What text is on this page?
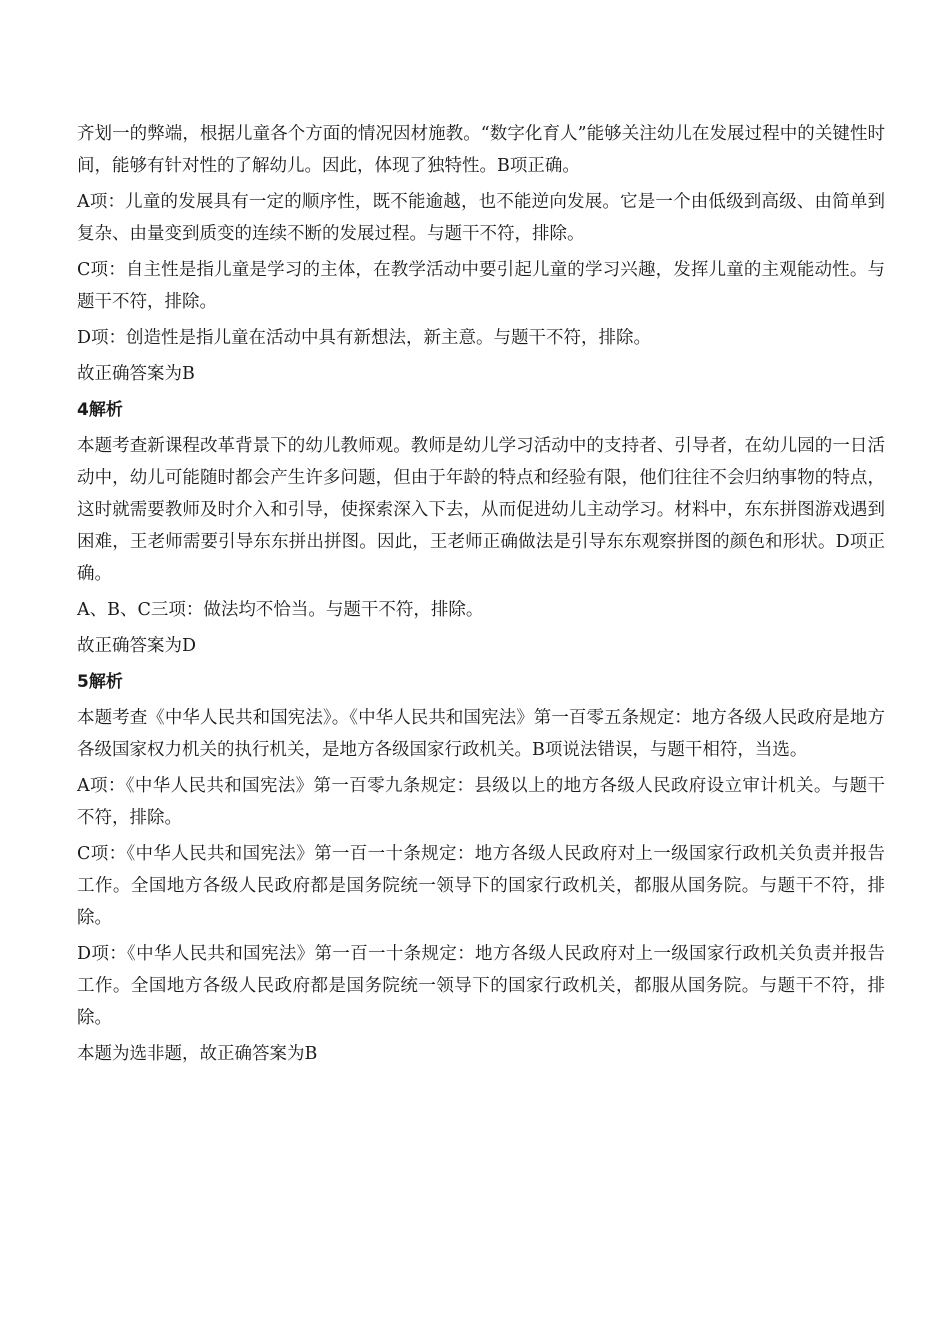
齐划一的弊端，根据儿童各个方面的情况因材施教。“数字化育人”能够关注幼儿在发展过程中的关键性时间，能够有针对性的了解幼儿。因此，体现了独特性。B项正确。

A项：儿童的发展具有一定的顺序性，既不能逾越，也不能逆向发展。它是一个由低级到高级、由简单到复杂、由量变到质变的连续不断的发展过程。与题干不符，排除。

C项：自主性是指儿童是学习的主体，在教学活动中要引起儿童的学习兴趣，发挥儿童的主观能动性。与题干不符，排除。

D项：创造性是指儿童在活动中具有新想法，新主意。与题干不符，排除。

故正确答案为B

4解析

本题考查新课程改革背景下的幼儿教师观。教师是幼儿学习活动中的支持者、引导者，在幼儿园的一日活动中，幼儿可能随时都会产生许多问题，但由于年龄的特点和经验有限，他们往往不会归纳事物的特点，这时就需要教师及时介入和引导，使探索深入下去，从而促进幼儿主动学习。材料中，东东拼图游戏遇到困难，王老师需要引导东东拼出拼图。因此，王老师正确做法是引导东东观察拼图的颜色和形状。D项正确。

A、B、C三项：做法均不恰当。与题干不符，排除。

故正确答案为D

5解析

本题考查《中华人民共和国宪法》。《中华人民共和国宪法》第一百零五条规定：地方各级人民政府是地方各级国家权力机关的执行机关，是地方各级国家行政机关。B项说法错误，与题干相符，当选。

A项：《中华人民共和国宪法》第一百零九条规定：县级以上的地方各级人民政府设立审计机关。与题干不符，排除。

C项：《中华人民共和国宪法》第一百一十条规定：地方各级人民政府对上一级国家行政机关负责并报告工作。全国地方各级人民政府都是国务院统一领导下的国家行政机关，都服从国务院。与题干不符，排除。

D项：《中华人民共和国宪法》第一百一十条规定：地方各级人民政府对上一级国家行政机关负责并报告工作。全国地方各级人民政府都是国务院统一领导下的国家行政机关，都服从国务院。与题干不符，排除。

本题为选非题，故正确答案为B
